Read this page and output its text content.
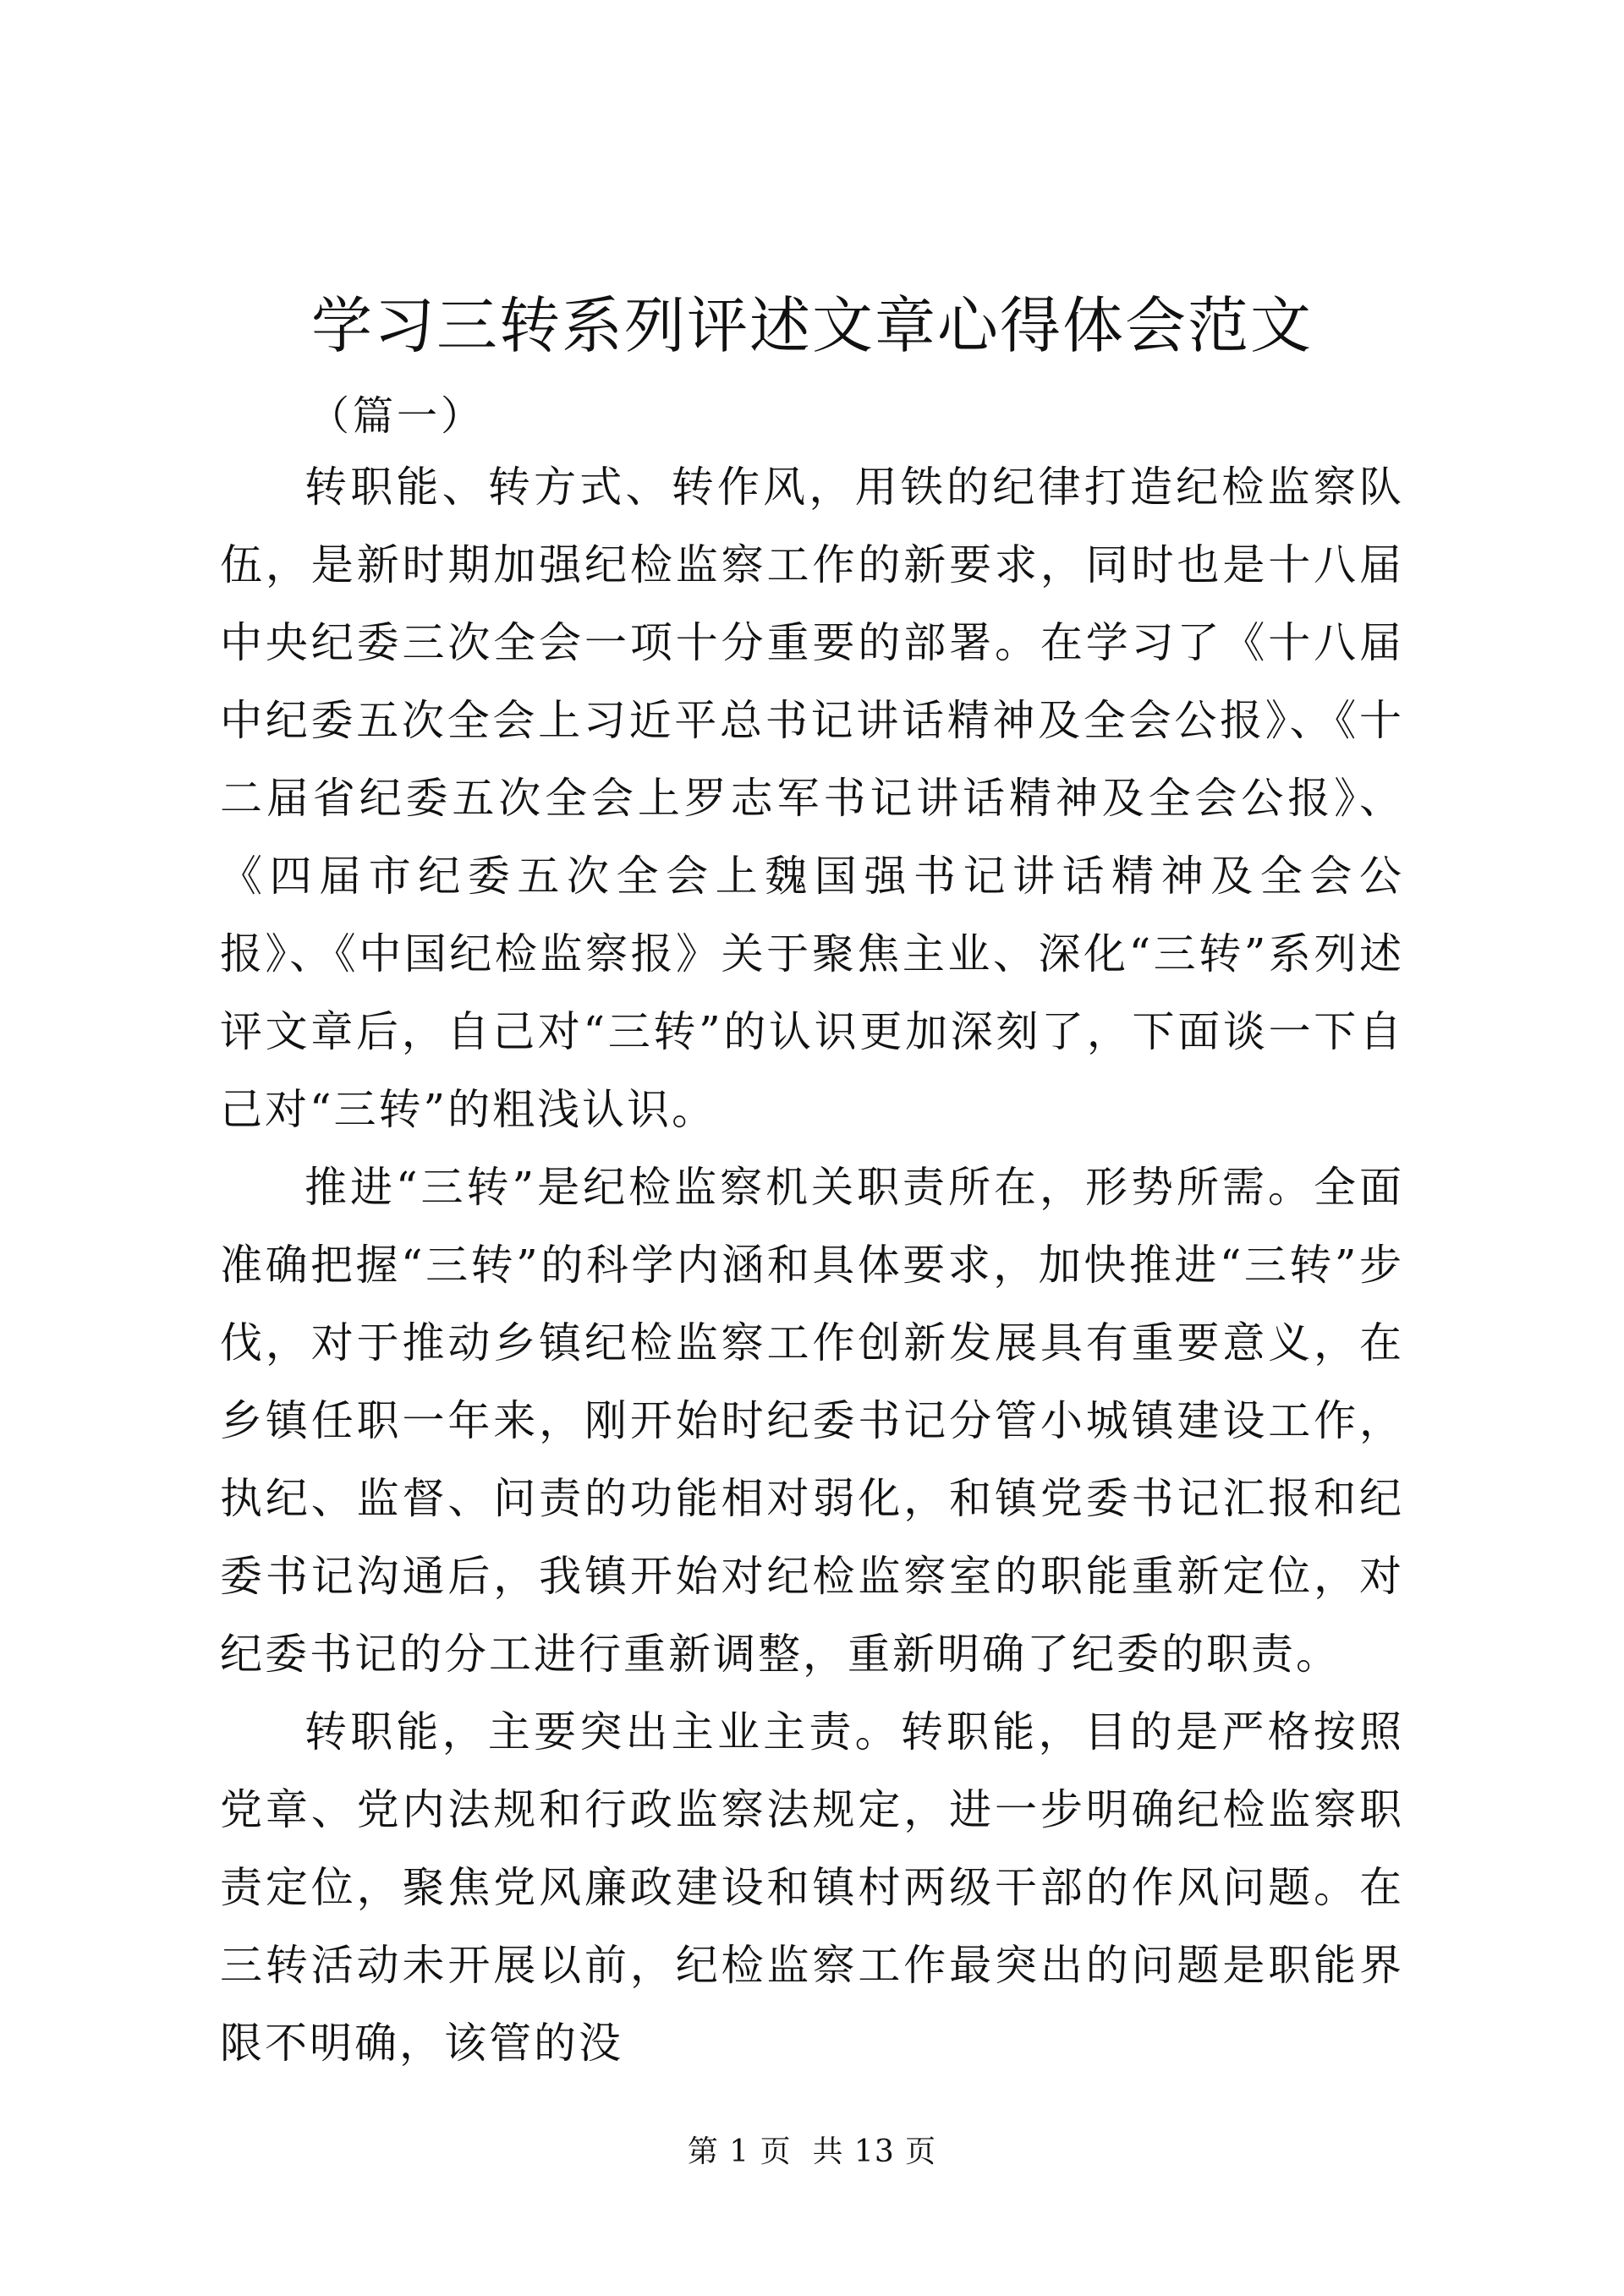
学习三转系列评述文章心得体会范文

（篇一）

转职能、转方式、转作风，用铁的纪律打造纪检监察队伍，是新时期加强纪检监察工作的新要求，同时也是十八届中央纪委三次全会一项十分重要的部署。在学习了《十八届中纪委五次全会上习近平总书记讲话精神及全会公报》、《十二届省纪委五次全会上罗志军书记讲话精神及全会公报》、《四届市纪委五次全会上魏国强书记讲话精神及全会公报》、《中国纪检监察报》关于聚焦主业、深化“三转”系列述评文章后，自己对“三转”的认识更加深刻了，下面谈一下自己对“三转”的粗浅认识。

推进“三转”是纪检监察机关职责所在，形势所需。全面准确把握“三转”的科学内涵和具体要求，加快推进“三转”步伐，对于推动乡镇纪检监察工作创新发展具有重要意义，在乡镇任职一年来，刚开始时纪委书记分管小城镇建设工作，执纪、监督、问责的功能相对弱化，和镇党委书记汇报和纪委书记沟通后，我镇开始对纪检监察室的职能重新定位，对纪委书记的分工进行重新调整，重新明确了纪委的职责。

转职能，主要突出主业主责。转职能，目的是严格按照党章、党内法规和行政监察法规定，进一步明确纪检监察职责定位，聚焦党风廉政建设和镇村两级干部的作风问题。在三转活动未开展以前，纪检监察工作最突出的问题是职能界限不明确，该管的没

第 1 页  共 13 页
